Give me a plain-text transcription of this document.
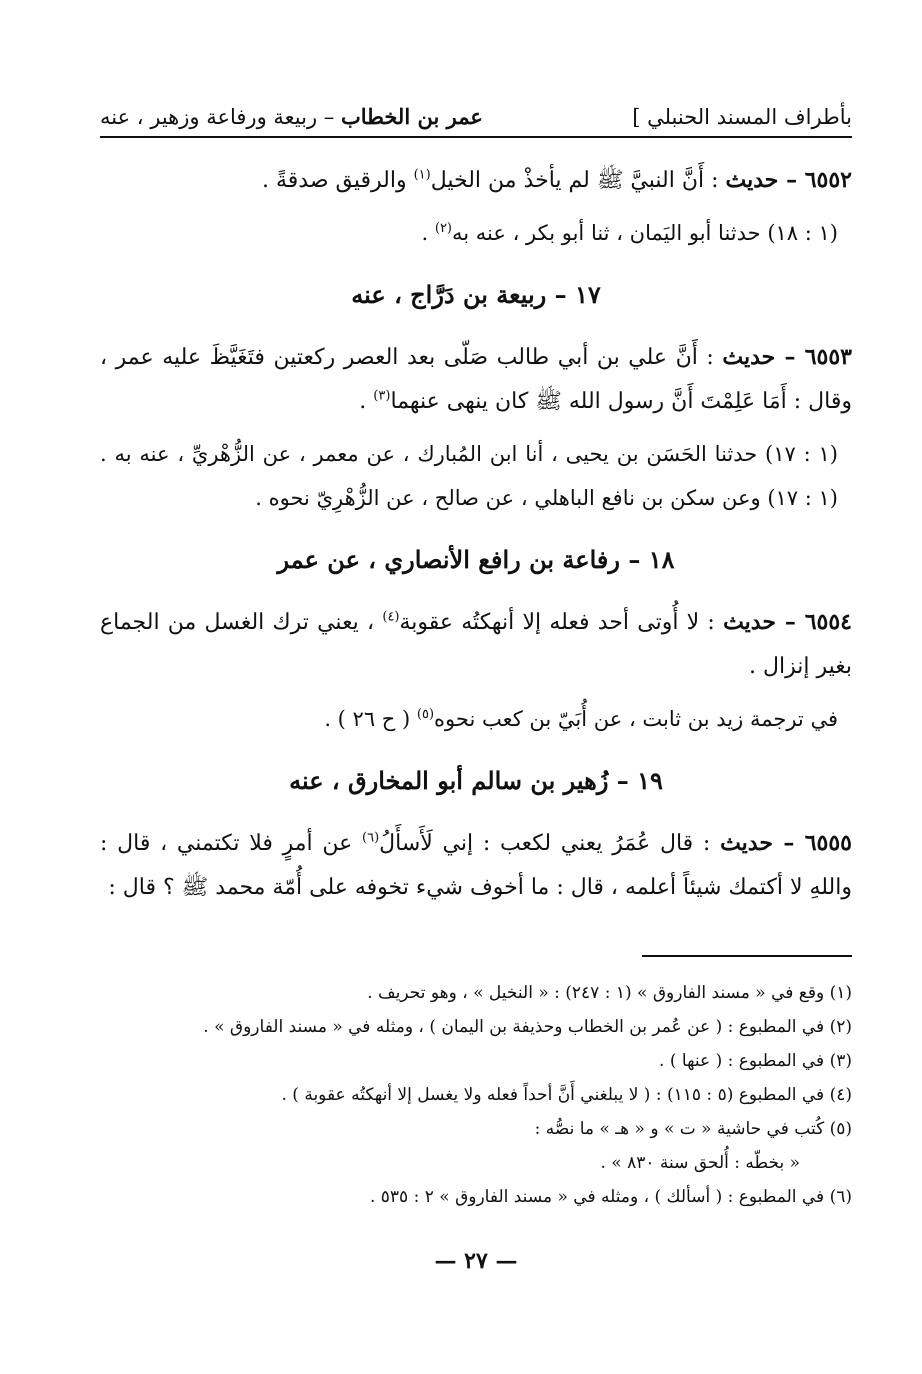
بأطراف المسند الحنبلي ]
عمر بن الخطاب – ربيعة ورفاعة وزهير ، عنه

٦٥٥٢ – حديث : أَنَّ النبيَّ ﷺ لم يأخذْ من الخيل$^{(١)}$ والرقيق صدقةً .

(١ : ١٨) حدثنا أبو اليَمان ، ثنا أبو بكر ، عنه به$^{(٢)}$ .

١٧ – ربيعة بن دَرَّاج ، عنه

٦٥٥٣ – حديث : أَنَّ علي بن أبي طالب صَلّى بعد العصر ركعتين فتَغَيَّظَ عليه عمر ، وقال : أَمَا عَلِمْتَ أَنَّ رسول الله ﷺ كان ينهى عنهما$^{(٣)}$ .

(١ : ١٧) حدثنا الحَسَن بن يحيى ، أنا ابن المُبارك ، عن معمر ، عن الزُّهْريِّ ، عنه به . (١ : ١٧) وعن سكن بن نافع الباهلي ، عن صالح ، عن الزُّهْرِيّ نحوه .

١٨ – رفاعة بن رافع الأنصاري ، عن عمر

٦٥٥٤ – حديث : لا أُوتى أحد فعله إلا أنهكتُه عقوبة$^{(٤)}$ ، يعني ترك الغسل من الجماع بغير إنزال .

في ترجمة زيد بن ثابت ، عن أُبَيّ بن كعب نحوه$^{(٥)}$ ( ح ٢٦ ) .

١٩ – زُهير بن سالم أبو المخارق ، عنه

٦٥٥٥ – حديث : قال عُمَرُ يعني لكعب : إني لَأَسأَلُ$^{(٦)}$ عن أمرٍ فلا تكتمني ، قال : واللهِ لا أكتمك شيئاً أعلمه ، قال : ما أخوف شيء تخوفه على أُمّة محمد ﷺ ؟ قال :

(١) وقع في « مسند الفاروق » (١ : ٢٤٧) : « النخيل » ، وهو تحريف .

(٢) في المطبوع : ( عن عُمر بن الخطاب وحذيفة بن اليمان ) ، ومثله في « مسند الفاروق » .

(٣) في المطبوع : ( عنها ) .

(٤) في المطبوع (٥ : ١١٥) : ( لا يبلغني أَنَّ أحداً فعله ولا يغسل إلا أنهكتُه عقوبة ) .

(٥) كُتب في حاشية « ت » و « هـ » ما نصُّه :

« بخطّه : أُلحق سنة ٨٣٠ » .

(٦) في المطبوع : ( أسألك ) ، ومثله في « مسند الفاروق » ٢ : ٥٣٥ .

— ٢٧ —
